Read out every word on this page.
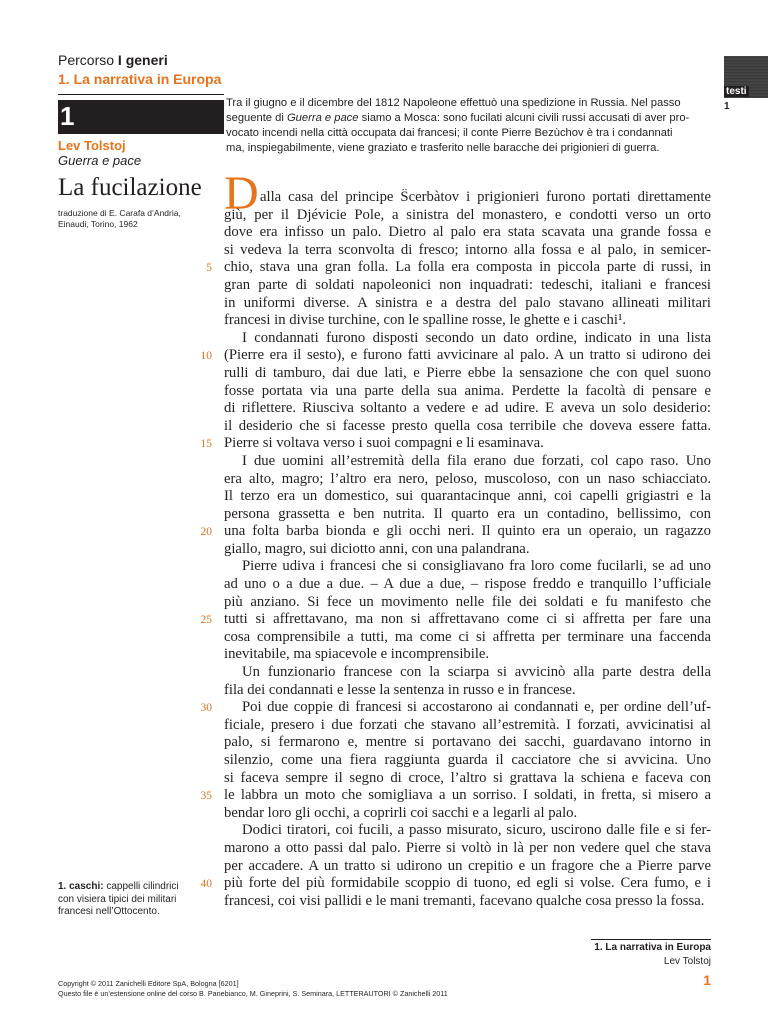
Percorso I generi
1. La narrativa in Europa
1
Lev Tolstoj
Guerra e pace
La fucilazione
traduzione di E. Carafa d’Andria, Einaudi, Torino, 1962
testi
1
Tra il giugno e il dicembre del 1812 Napoleone effettuò una spedizione in Russia. Nel passo
seguente di Guerra e pace siamo a Mosca: sono fucilati alcuni civili russi accusati di aver pro-
vocato incendi nella città occupata dai francesi; il conte Pierre Bezùchov è tra i condannati
ma, inspiegabilmente, viene graziato e trasferito nelle baracche dei prigionieri di guerra.
D alla casa del principe Ŝcerbàtov i prigionieri furono portati direttamente
giù, per il Djévicie Pole, a sinistra del monastero, e condotti verso un orto
dove era infisso un palo. Dietro al palo era stata scavata una grande fossa e
si vedeva la terra sconvolta di fresco; intorno alla fossa e al palo, in semicer-
chio, stava una gran folla. La folla era composta in piccola parte di russi, in
gran parte di soldati napoleonici non inquadrati: tedeschi, italiani e francesi
in uniformi diverse. A sinistra e a destra del palo stavano allineati militari
francesi in divise turchine, con le spalline rosse, le ghette e i caschi¹.
I condannati furono disposti secondo un dato ordine, indicato in una lista
(Pierre era il sesto), e furono fatti avvicinare al palo. A un tratto si udirono dei
rulli di tamburo, dai due lati, e Pierre ebbe la sensazione che con quel suono
fosse portata via una parte della sua anima. Perdette la facoltà di pensare e
di riflettere. Riusciva soltanto a vedere e ad udire. E aveva un solo desiderio:
il desiderio che si facesse presto quella cosa terribile che doveva essere fatta.
Pierre si voltava verso i suoi compagni e li esaminava.
I due uomini all’estremità della fila erano due forzati, col capo raso. Uno
era alto, magro; l’altro era nero, peloso, muscoloso, con un naso schiacciato.
Il terzo era un domestico, sui quarantacinque anni, coi capelli grigiastri e la
persona grassetta e ben nutrita. Il quarto era un contadino, bellissimo, con
una folta barba bionda e gli occhi neri. Il quinto era un operaio, un ragazzo
giallo, magro, sui diciotto anni, con una palandrana.
Pierre udiva i francesi che si consigliavano fra loro come fucilarli, se ad uno
ad uno o a due a due. – A due a due, – rispose freddo e tranquillo l’ufficiale
più anziano. Si fece un movimento nelle file dei soldati e fu manifesto che
tutti si affrettavano, ma non si affrettavano come ci si affretta per fare una
cosa comprensibile a tutti, ma come ci si affretta per terminare una faccenda
inevitabile, ma spiacevole e incomprensibile.
Un funzionario francese con la sciarpa si avvicinò alla parte destra della
fila dei condannati e lesse la sentenza in russo e in francese.
Poi due coppie di francesi si accostarono ai condannati e, per ordine dell’uf-
ficiale, presero i due forzati che stavano all’estremità. I forzati, avvicinatisi al
palo, si fermarono e, mentre si portavano dei sacchi, guardavano intorno in
silenzio, come una fiera raggiunta guarda il cacciatore che si avvicina. Uno
si faceva sempre il segno di croce, l’altro si grattava la schiena e faceva con
le labbra un moto che somigliava a un sorriso. I soldati, in fretta, si misero a
bendar loro gli occhi, a coprirli coi sacchi e a legarli al palo.
Dodici tiratori, coi fucili, a passo misurato, sicuro, uscirono dalle file e si fer-
marono a otto passi dal palo. Pierre si voltò in là per non vedere quel che stava
per accadere. A un tratto si udirono un crepitio e un fragore che a Pierre parve
più forte del più formidabile scoppio di tuono, ed egli si volse. Cera fumo, e i
francesi, coi visi pallidi e le mani tremanti, facevano qualche cosa presso la fossa.
5
10
15
20
25
30
35
40
1. caschi: cappelli cilindrici con visiera tipici dei militari francesi nell’Ottocento.
1. La narrativa in Europa
Lev Tolstoj
1
Copyright © 2011 Zanichelli Editore SpA, Bologna [6201]
Questo file è un’estensione online del corso B. Panebianco, M. Gineprini, S. Seminara, LETTERAUTORI © Zanichelli 2011
